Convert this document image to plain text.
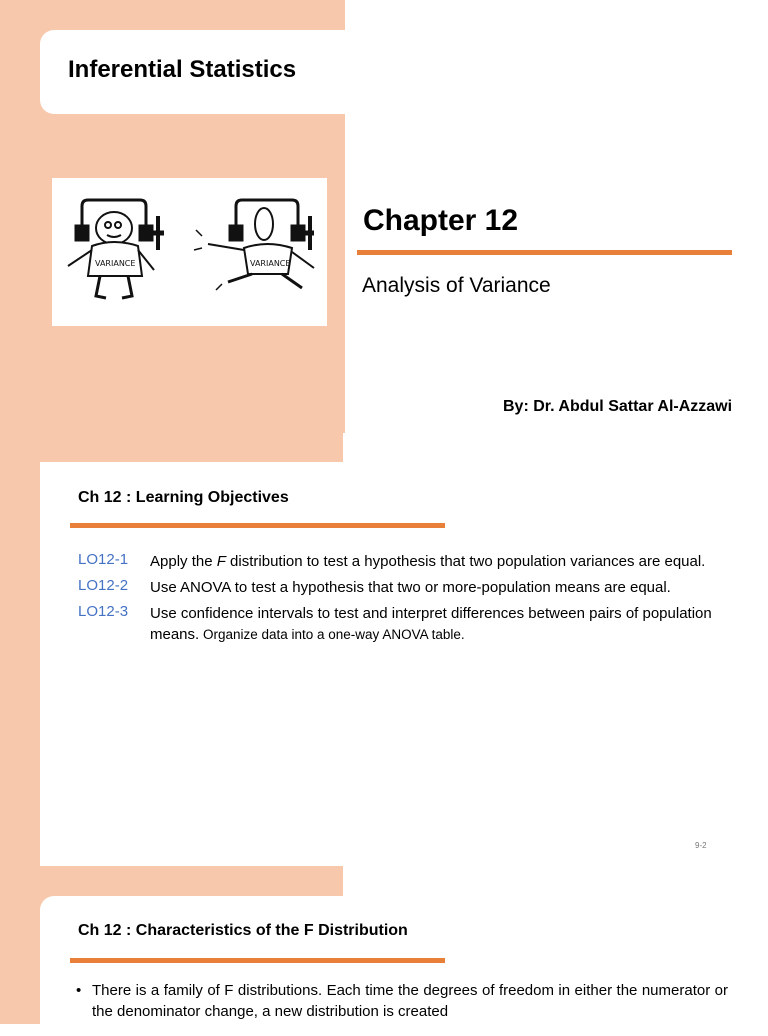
Inferential Statistics
VARIANCE	VARIANCE
Chapter 12
Analysis of Variance
By: Dr. Abdul Sattar Al-Azzawi
Ch 12 : Learning Objectives
LO12-1 Apply the F distribution to test a hypothesis that two population variances are equal.
LO12-2 Use ANOVA to test a hypothesis that two or more-population means are equal.
LO12-3 Use confidence intervals to test and interpret differences between pairs of population
means. Organize data into a one-way ANOVA table.
9-2
Ch 12 : Characteristics of the F Distribution
• There is a family of F distributions. Each time the degrees of freedom in either the numerator or the denominator change, a new distribution is created
